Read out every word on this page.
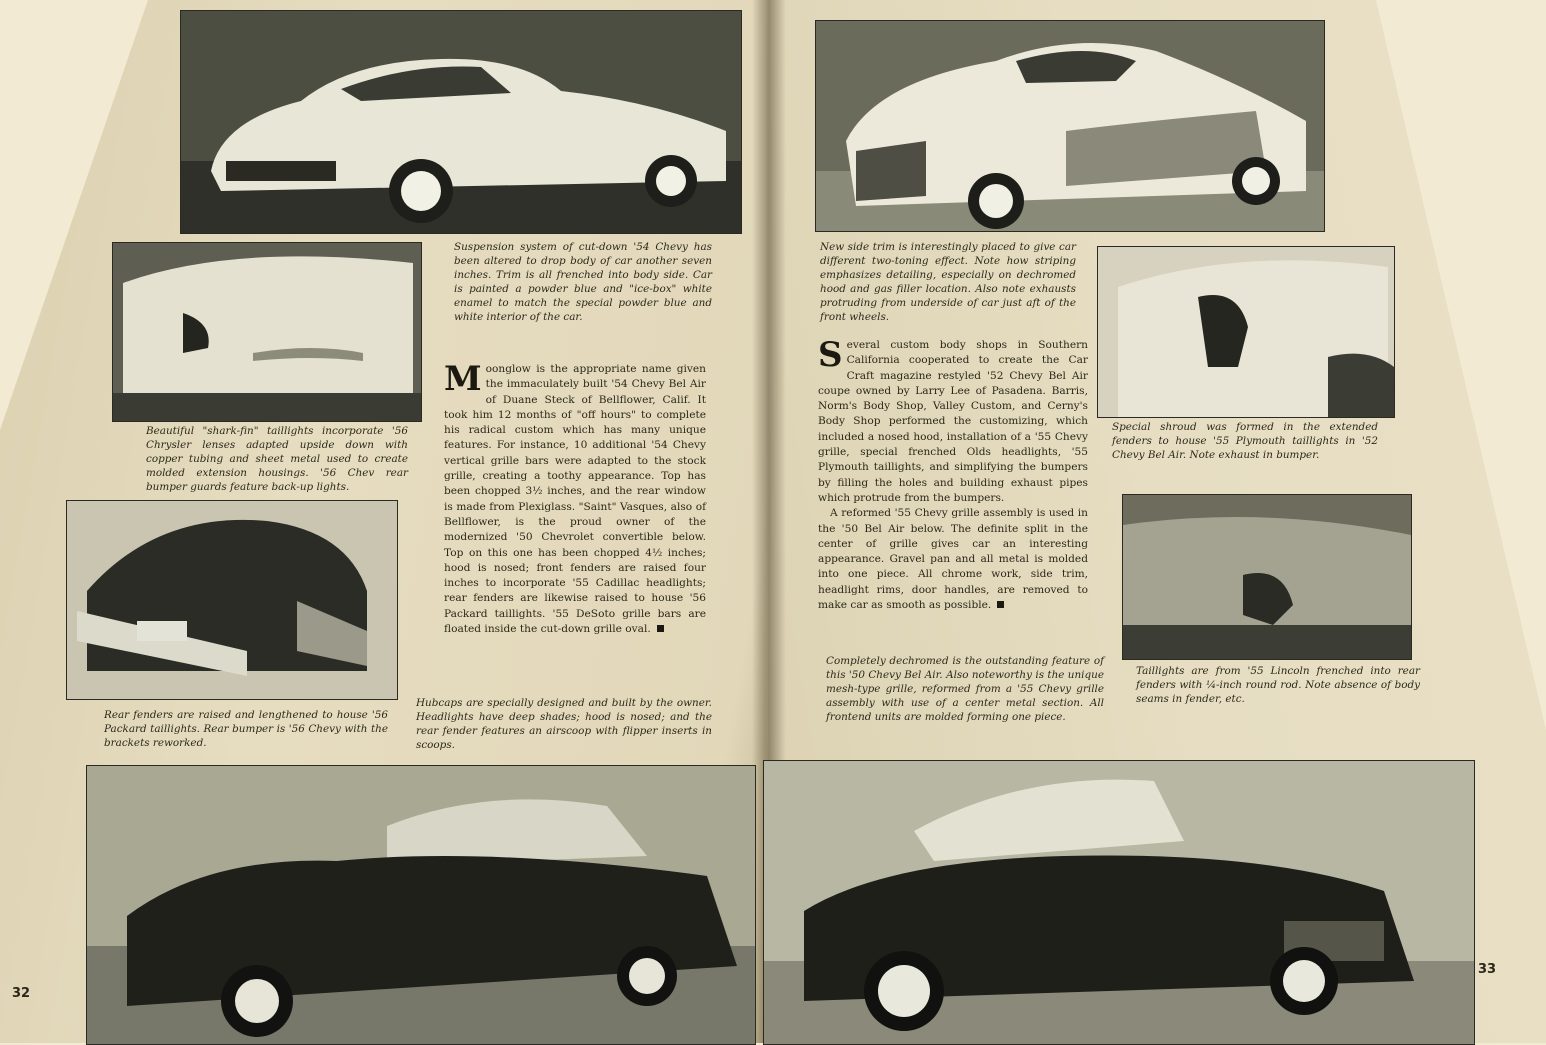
Beautiful "shark-fin" taillights incorporate '56 Chrysler lenses adapted upside down with copper tubing and sheet metal used to create molded extension housings. '56 Chev rear bumper guards feature back-up lights.

Rear fenders are raised and lengthened to house '56 Packard taillights. Rear bumper is '56 Chevy with the brackets reworked.

Suspension system of cut-down '54 Chevy has been altered to drop body of car another seven inches. Trim is all frenched into body side. Car is painted a powder blue and "ice-box" white enamel to match the special powder blue and white interior of the car.

Moonglow is the appropriate name given the immaculately built '54 Chevy Bel Air of Duane Steck of Bellflower, Calif. It took him 12 months of "off hours" to complete his radical custom which has many unique features. For instance, 10 additional '54 Chevy vertical grille bars were adapted to the stock grille, creating a toothy appearance. Top has been chopped 3½ inches, and the rear window is made from Plexiglass. "Saint" Vasques, also of Bellflower, is the proud owner of the modernized '50 Chevrolet convertible below. Top on this one has been chopped 4½ inches; hood is nosed; front fenders are raised four inches to incorporate '55 Cadillac headlights; rear fenders are likewise raised to house '56 Packard taillights. '55 DeSoto grille bars are floated inside the cut-down grille oval.

Hubcaps are specially designed and built by the owner. Headlights have deep shades; hood is nosed; and the rear fender features an airscoop with flipper inserts in scoops.

32

New side trim is interestingly placed to give car different two-toning effect. Note how striping emphasizes detailing, especially on dechromed hood and gas filler location. Also note exhausts protruding from underside of car just aft of the front wheels.

Several custom body shops in Southern California cooperated to create the Car Craft magazine restyled '52 Chevy Bel Air coupe owned by Larry Lee of Pasadena. Barris, Norm's Body Shop, Valley Custom, and Cerny's Body Shop performed the customizing, which included a nosed hood, installation of a '55 Chevy grille, special frenched Olds headlights, '55 Plymouth taillights, and simplifying the bumpers by filling the holes and building exhaust pipes which protrude from the bumpers.

A reformed '55 Chevy grille assembly is used in the '50 Bel Air below. The definite split in the center of grille gives car an interesting appearance. Gravel pan and all metal is molded into one piece. All chrome work, side trim, headlight rims, door handles, are removed to make car as smooth as possible.

Completely dechromed is the outstanding feature of this '50 Chevy Bel Air. Also noteworthy is the unique mesh-type grille, reformed from a '55 Chevy grille assembly with use of a center metal section. All frontend units are molded forming one piece.

Special shroud was formed in the extended fenders to house '55 Plymouth taillights in '52 Chevy Bel Air. Note exhaust in bumper.

Taillights are from '55 Lincoln frenched into rear fenders with ¼-inch round rod. Note absence of body seams in fender, etc.

33
